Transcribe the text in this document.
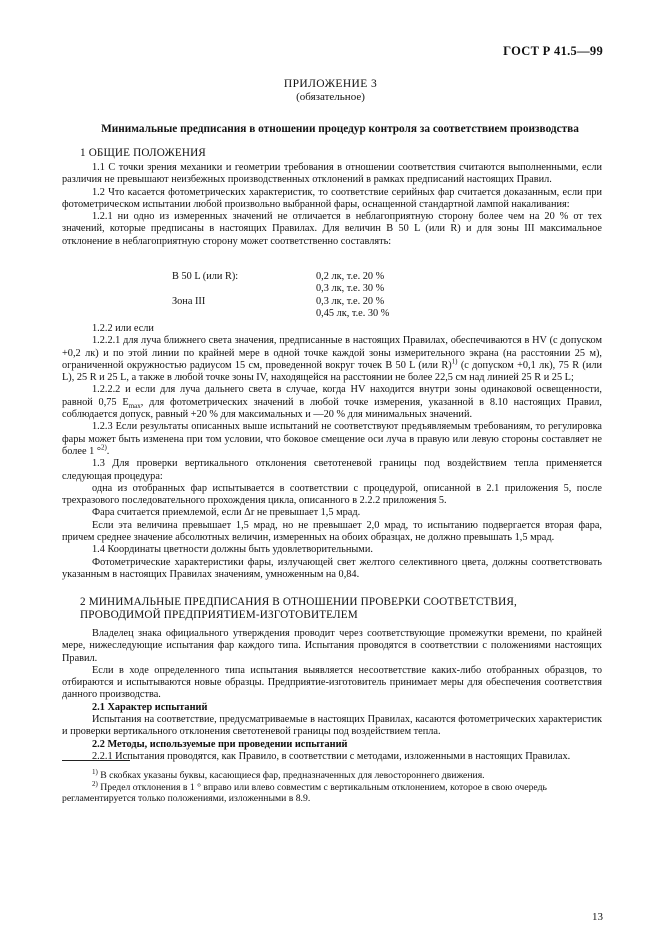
ГОСТ Р 41.5—99
ПРИЛОЖЕНИЕ 3
(обязательное)
Минимальные предписания в отношении процедур контроля за соответствием производства
1 ОБЩИЕ ПОЛОЖЕНИЯ

1.1 С точки зрения механики и геометрии требования в отношении соответствия считаются выполненными, если различия не превышают неизбежных производственных отклонений в рамках предписаний настоящих Правил.

1.2 Что касается фотометрических характеристик, то соответствие серийных фар считается доказанным, если при фотометрическом испытании любой произвольно выбранной фары, оснащенной стандартной лампой накаливания:

1.2.1 ни одно из измеренных значений не отличается в неблагоприятную сторону более чем на 20 % от тех значений, которые предписаны в настоящих Правилах. Для величин B 50 L (или R) и для зоны III максимальное отклонение в неблагоприятную сторону может соответственно составлять:

B 50 L (или R):	0,2 лк, т.е. 20 %
0,3 лк, т.е. 30 %
Зона III	0,3 лк, т.е. 20 %
0,45 лк, т.е. 30 %

1.2.2 или если

1.2.2.1 для луча ближнего света значения, предписанные в настоящих Правилах, обеспечиваются в HV (с допуском +0,2 лк) и по этой линии по крайней мере в одной точке каждой зоны измерительного экрана (на расстоянии 25 м), ограниченной окружностью радиусом 15 см, проведенной вокруг точек B 50 L (или R)$^{1)}$ (с допуском +0,1 лк), 75 R (или L), 25 R и 25 L, а также в любой точке зоны IV, находящейся на расстоянии не более 22,5 см над линией 25 R и 25 L;

1.2.2.2 и если для луча дальнего света в случае, когда HV находится внутри зоны одинаковой освещенности, равной 0,75 $E_{max}$, для фотометрических значений в любой точке измерения, указанной в 8.10 настоящих Правил, соблюдается допуск, равный +20 % для максимальных и —20 % для минимальных значений.

1.2.3 Если результаты описанных выше испытаний не соответствуют предъявляемым требованиям, то регулировка фары может быть изменена при том условии, что боковое смещение оси луча в правую или левую стороны составляет не более 1 °$^{2)}$.

1.3 Для проверки вертикального отклонения светотеневой границы под воздействием тепла применяется следующая процедура:

одна из отобранных фар испытывается в соответствии с процедурой, описанной в 2.1 приложения 5, после трехразового последовательного прохождения цикла, описанного в 2.2.2 приложения 5.

Фара считается приемлемой, если Δr не превышает 1,5 мрад.

Если эта величина превышает 1,5 мрад, но не превышает 2,0 мрад, то испытанию подвергается вторая фара, причем среднее значение абсолютных величин, измеренных на обоих образцах, не должно превышать 1,5 мрад.

1.4 Координаты цветности должны быть удовлетворительными.

Фотометрические характеристики фары, излучающей свет желтого селективного цвета, должны соответствовать указанным в настоящих Правилах значениям, умноженным на 0,84.

2 МИНИМАЛЬНЫЕ ПРЕДПИСАНИЯ В ОТНОШЕНИИ ПРОВЕРКИ СООТВЕТСТВИЯ,
ПРОВОДИМОЙ ПРЕДПРИЯТИЕМ-ИЗГОТОВИТЕЛЕМ

Владелец знака официального утверждения проводит через соответствующие промежутки времени, по крайней мере, нижеследующие испытания фар каждого типа. Испытания проводятся в соответствии с положениями настоящих Правил.

Если в ходе определенного типа испытания выявляется несоответствие каких-либо отобранных образцов, то отбираются и испытываются новые образцы. Предприятие-изготовитель принимает меры для обеспечения соответствия данного производства.

2.1 Характер испытаний

Испытания на соответствие, предусматриваемые в настоящих Правилах, касаются фотометрических характеристик и проверки вертикального отклонения светотеневой границы под воздействием тепла.

2.2 Методы, используемые при проведении испытаний

2.2.1 Испытания проводятся, как Правило, в соответствии с методами, изложенными в настоящих Правилах.

$^{1)}$ В скобках указаны буквы, касающиеся фар, предназначенных для левостороннего движения.

$^{2)}$ Предел отклонения в 1 ° вправо или влево совместим с вертикальным отклонением, которое в свою очередь регламентируется только положениями, изложенными в 8.9.

13
